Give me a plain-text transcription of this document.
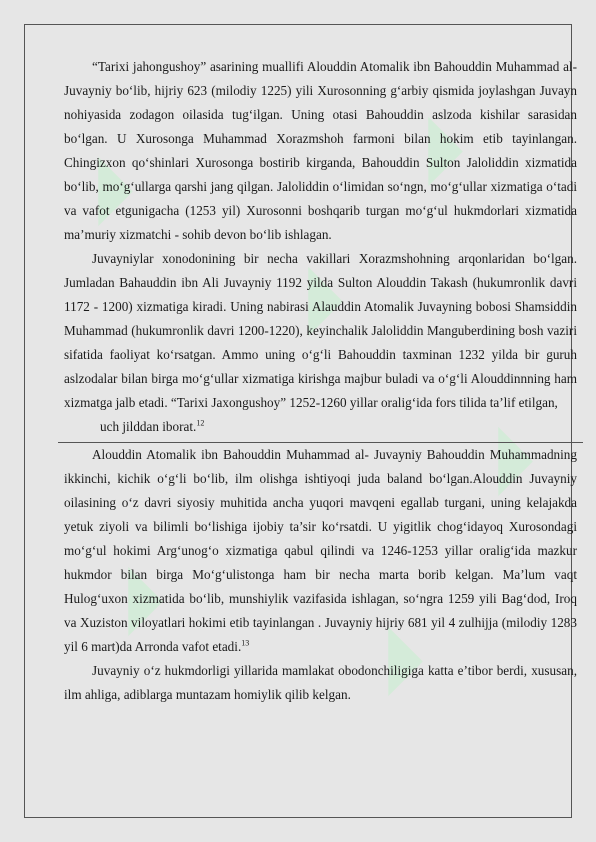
◢	◢
◢
◢
◢
◢

“Tarixi jahongushoy” asarining muallifi Alouddin Atomalik ibn Bahouddin Muhammad al- Juvayniy bo‘lib, hijriy 623 (milodiy 1225) yili Xurosonning g‘arbiy qismida joylashgan Juvayn nohiyasida zodagon oilasida tug‘ilgan. Uning otasi Bahouddin aslzoda kishilar sarasidan bo‘lgan. U Xurosonga Muhammad Xorazmshoh farmoni bilan hokim etib tayinlangan. Chingizxon qo‘shinlari Xurosonga bostirib kirganda, Bahouddin Sulton Jaloliddin xizmatida bo‘lib, mo‘g‘ullarga qarshi jang qilgan. Jaloliddin o‘limidan so‘ngn, mo‘g‘ullar xizmatiga o‘tadi va vafot etgunigacha (1253 yil) Xurosonni boshqarib turgan mo‘g‘ul hukmdorlari xizmatida ma’muriy xizmatchi - sohib devon bo‘lib ishlagan.

Juvayniylar xonodonining bir necha vakillari Xorazmshohning arqonlaridan bo‘lgan. Jumladan Bahauddin ibn Ali Juvayniy 1192 yilda Sulton Alouddin Takash (hukumronlik davri 1172 - 1200) xizmatiga kiradi. Uning nabirasi Alauddin Atomalik Juvayning bobosi Shamsiddin Muhammad (hukumronlik davri 1200-1220), keyinchalik Jaloliddin Manguberdining bosh vaziri sifatida faoliyat ko‘rsatgan. Ammo uning o‘g‘li Bahouddin taxminan 1232 yilda bir guruh aslzodalar bilan birga mo‘g‘ullar xizmatiga kirishga majbur buladi va o‘g‘li Alouddinnning ham xizmatga jalb etadi. “Tarixi Jaxongushoy” 1252-1260 yillar oralig‘ida fors tilida ta’lif etilgan,

uch jilddan iborat.$^{12}$

Alouddin Atomalik ibn Bahouddin Muhammad al- Juvayniy Bahouddin Muhammadning ikkinchi, kichik o‘g‘li bo‘lib, ilm olishga ishtiyoqi juda baland bo‘lgan.Alouddin Juvayniy oilasining o‘z davri siyosiy muhitida ancha yuqori mavqeni egallab turgani, uning kelajakda yetuk ziyoli va bilimli bo‘lishiga ijobiy ta’sir ko‘rsatdi. U yigitlik chog‘idayoq Xurosondagi mo‘g‘ul hokimi Arg‘unog‘o xizmatiga qabul qilindi va 1246-1253 yillar oralig‘ida mazkur hukmdor bilan birga Mo‘g‘ulistonga ham bir necha marta borib kelgan. Ma’lum vaqt Hulog‘uxon xizmatida bo‘lib, munshiylik vazifasida ishlagan, so‘ngra 1259 yili Bag‘dod, Iroq va Xuziston viloyatlari hokimi etib tayinlangan . Juvayniy hijriy 681 yil 4 zulhijja (milodiy 1283 yil 6 mart)da Arronda vafot etadi.$^{13}$

Juvayniy o‘z hukmdorligi yillarida mamlakat obodonchiligiga katta e’tibor berdi, xususan, ilm ahliga, adiblarga muntazam homiylik qilib kelgan.
